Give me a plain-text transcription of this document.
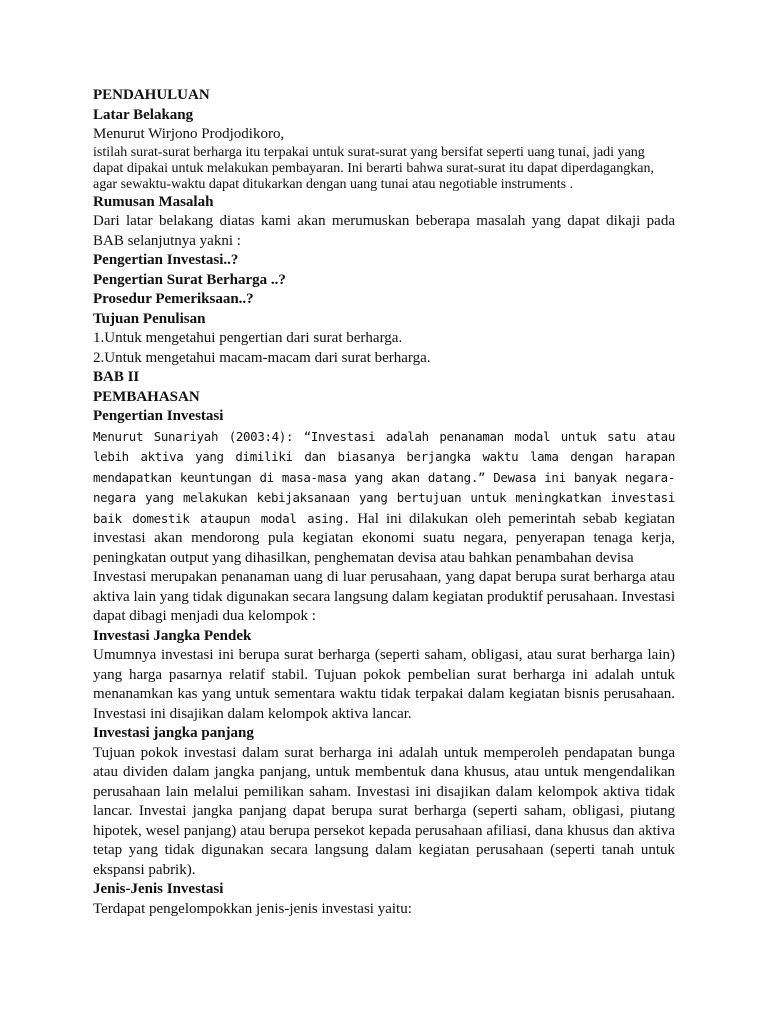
PENDAHULUAN

Latar Belakang

Menurut Wirjono Prodjodikoro,

istilah surat-surat berharga itu terpakai untuk surat-surat yang bersifat seperti uang tunai, jadi yang dapat dipakai untuk melakukan pembayaran. Ini berarti bahwa surat-surat itu dapat diperdagangkan, agar sewaktu-waktu dapat ditukarkan dengan uang tunai atau negotiable instruments .

Rumusan Masalah

Dari latar belakang diatas kami akan merumuskan beberapa masalah yang dapat dikaji pada BAB selanjutnya yakni :

Pengertian Investasi..?

Pengertian Surat Berharga ..?

Prosedur Pemeriksaan..?

Tujuan Penulisan

1.Untuk mengetahui pengertian dari surat berharga.

2.Untuk mengetahui macam-macam dari surat berharga.

BAB II

PEMBAHASAN

Pengertian Investasi

Menurut Sunariyah (2003:4): “Investasi adalah penanaman modal untuk satu atau lebih aktiva yang dimiliki dan biasanya berjangka waktu lama dengan harapan mendapatkan keuntungan di masa-masa yang akan datang.” Dewasa ini banyak negara-negara yang melakukan kebijaksanaan yang bertujuan untuk meningkatkan investasi baik domestik ataupun modal asing. Hal ini dilakukan oleh pemerintah sebab kegiatan investasi akan mendorong pula kegiatan ekonomi suatu negara, penyerapan tenaga kerja, peningkatan output yang dihasilkan, penghematan devisa atau bahkan penambahan devisa

Investasi merupakan penanaman uang di luar perusahaan, yang dapat berupa surat berharga atau aktiva lain yang tidak digunakan secara langsung dalam kegiatan produktif perusahaan. Investasi dapat dibagi menjadi dua kelompok :

Investasi Jangka Pendek

Umumnya investasi ini berupa surat berharga (seperti saham, obligasi, atau surat berharga lain) yang harga pasarnya relatif stabil. Tujuan pokok pembelian surat berharga ini adalah untuk menanamkan kas yang untuk sementara waktu tidak terpakai dalam kegiatan bisnis perusahaan. Investasi ini disajikan dalam kelompok aktiva lancar.

Investasi jangka panjang

Tujuan pokok investasi dalam surat berharga ini adalah untuk memperoleh pendapatan bunga atau dividen dalam jangka panjang, untuk membentuk dana khusus, atau untuk mengendalikan perusahaan lain melalui pemilikan saham. Investasi ini disajikan dalam kelompok aktiva tidak lancar. Investai jangka panjang dapat berupa surat berharga (seperti saham, obligasi, piutang hipotek, wesel panjang) atau berupa persekot kepada perusahaan afiliasi, dana khusus dan aktiva tetap yang tidak digunakan secara langsung dalam kegiatan perusahaan (seperti tanah untuk ekspansi pabrik).

Jenis-Jenis Investasi

Terdapat pengelompokkan jenis-jenis investasi yaitu:
